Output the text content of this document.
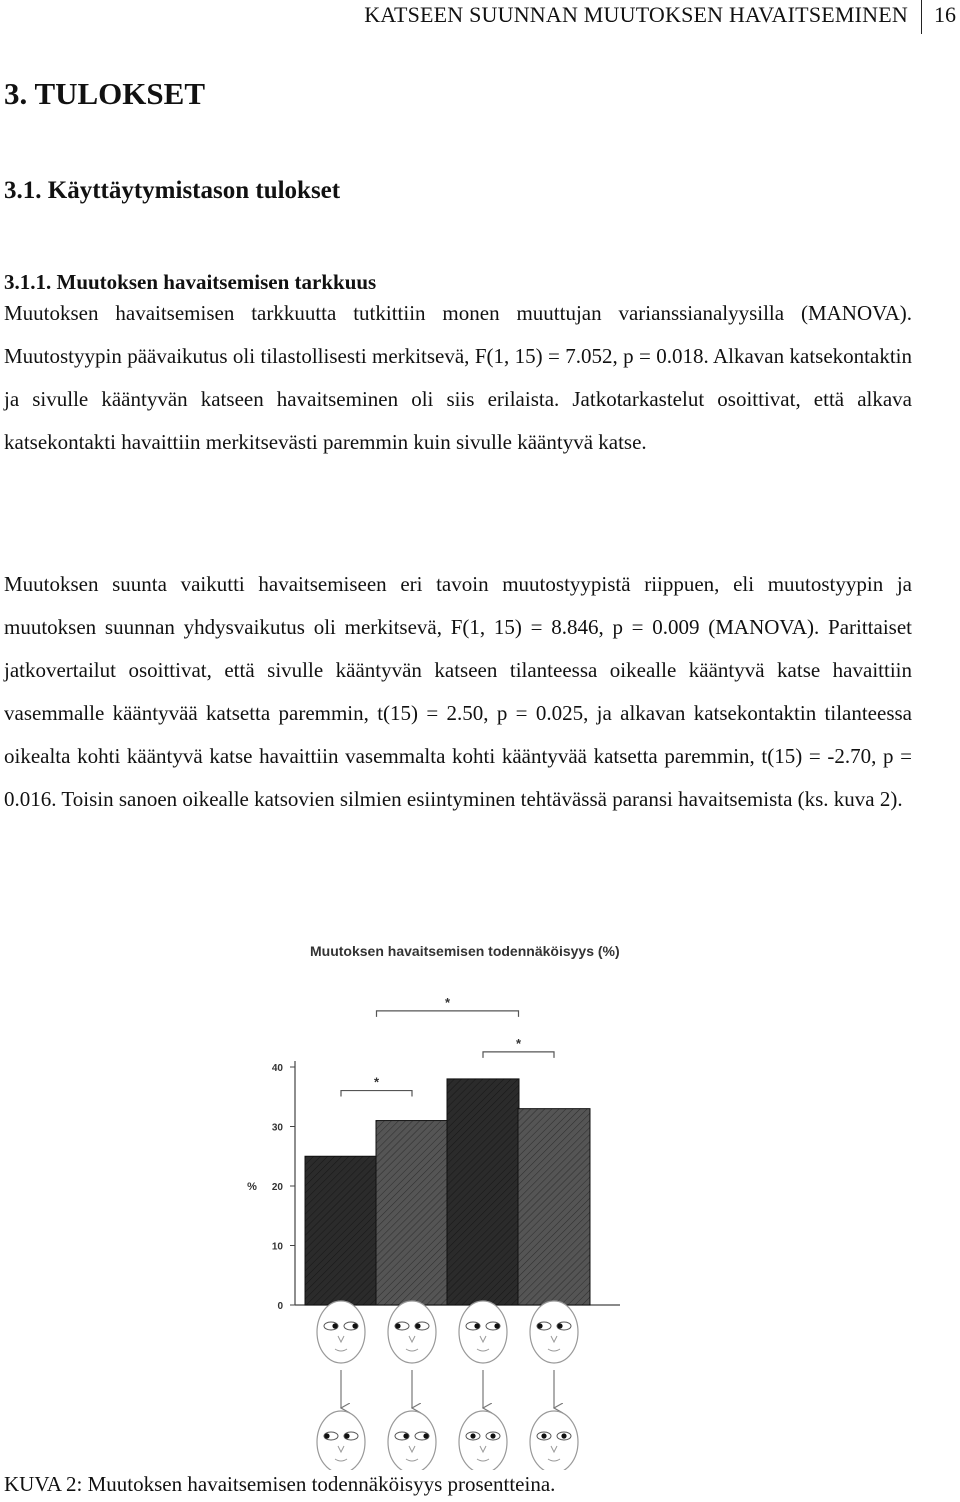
KATSEEN SUUNNAN MUUTOKSEN HAVAITSEMINEN 16
3. TULOKSET
3.1. Käyttäytymistason tulokset
3.1.1. Muutoksen havaitsemisen tarkkuus

Muutoksen havaitsemisen tarkkuutta tutkittiin monen muuttujan varianssianalyysilla (MANOVA). Muutostyypin päävaikutus oli tilastollisesti merkitsevä, F(1, 15) = 7.052, p = 0.018. Alkavan katsekontaktin ja sivulle kääntyvän katseen havaitseminen oli siis erilaista. Jatkotarkastelut osoittivat, että alkava katsekontakti havaittiin merkitsevästi paremmin kuin sivulle kääntyvä katse.

Muutoksen suunta vaikutti havaitsemiseen eri tavoin muutostyypistä riippuen, eli muutostyypin ja muutoksen suunnan yhdysvaikutus oli merkitsevä, F(1, 15) = 8.846, p = 0.009 (MANOVA). Parittaiset jatkovertailut osoittivat, että sivulle kääntyvän katseen tilanteessa oikealle kääntyvä katse havaittiin vasemmalle kääntyvää katsetta paremmin, t(15) = 2.50, p = 0.025, ja alkavan katsekontaktin tilanteessa oikealta kohti kääntyvä katse havaittiin vasemmalta kohti kääntyvää katsetta paremmin, t(15) = -2.70, p = 0.016. Toisin sanoen oikealle katsovien silmien esiintyminen tehtävässä paransi havaitsemista (ks. kuva 2).

Muutoksen havaitsemisen todennäköisyys (%)
0
10
20
30
40
%
*
*
*
KUVA 2: Muutoksen havaitsemisen todennäköisyys prosentteina.
